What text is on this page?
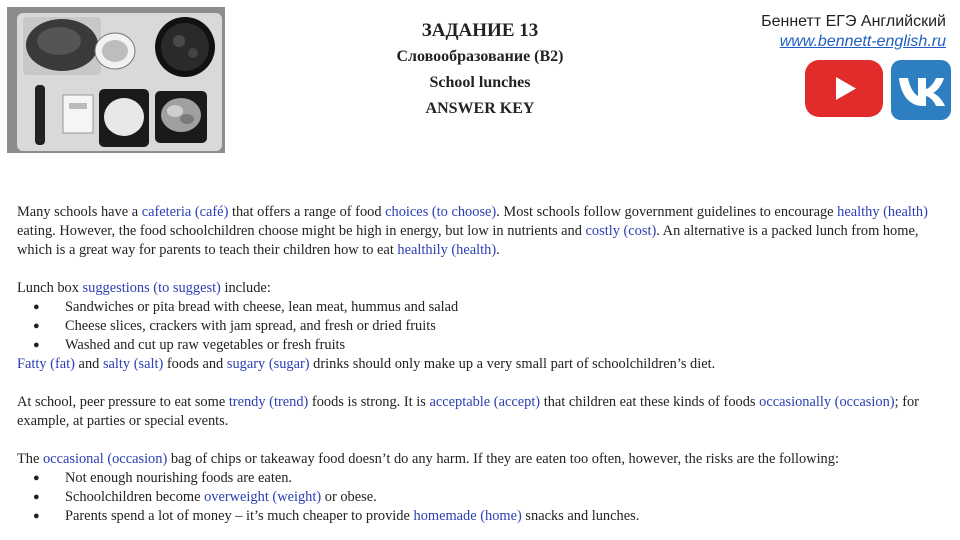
ЗАДАНИЕ 13
Словообразование (B2)
School lunches
ANSWER KEY
Беннетт ЕГЭ Английский
www.bennett-english.ru

Many schools have a cafeteria (café) that offers a range of food choices (to choose). Most schools follow government guidelines to encourage healthy (health) eating. However, the food schoolchildren choose might be high in energy, but low in nutrients and costly (cost). An alternative is a packed lunch from home, which is a great way for parents to teach their children how to eat healthily (health).

Lunch box suggestions (to suggest) include:

● Sandwiches or pita bread with cheese, lean meat, hummus and salad
● Cheese slices, crackers with jam spread, and fresh or dried fruits
● Washed and cut up raw vegetables or fresh fruits

Fatty (fat) and salty (salt) foods and sugary (sugar) drinks should only make up a very small part of schoolchildren’s diet.

At school, peer pressure to eat some trendy (trend) foods is strong. It is acceptable (accept) that children eat these kinds of foods occasionally (occasion); for example, at parties or special events.

The occasional (occasion) bag of chips or takeaway food doesn’t do any harm. If they are eaten too often, however, the risks are the following:

● Not enough nourishing foods are eaten.
● Schoolchildren become overweight (weight) or obese.
● Parents spend a lot of money – it’s much cheaper to provide homemade (home) snacks and lunches.
